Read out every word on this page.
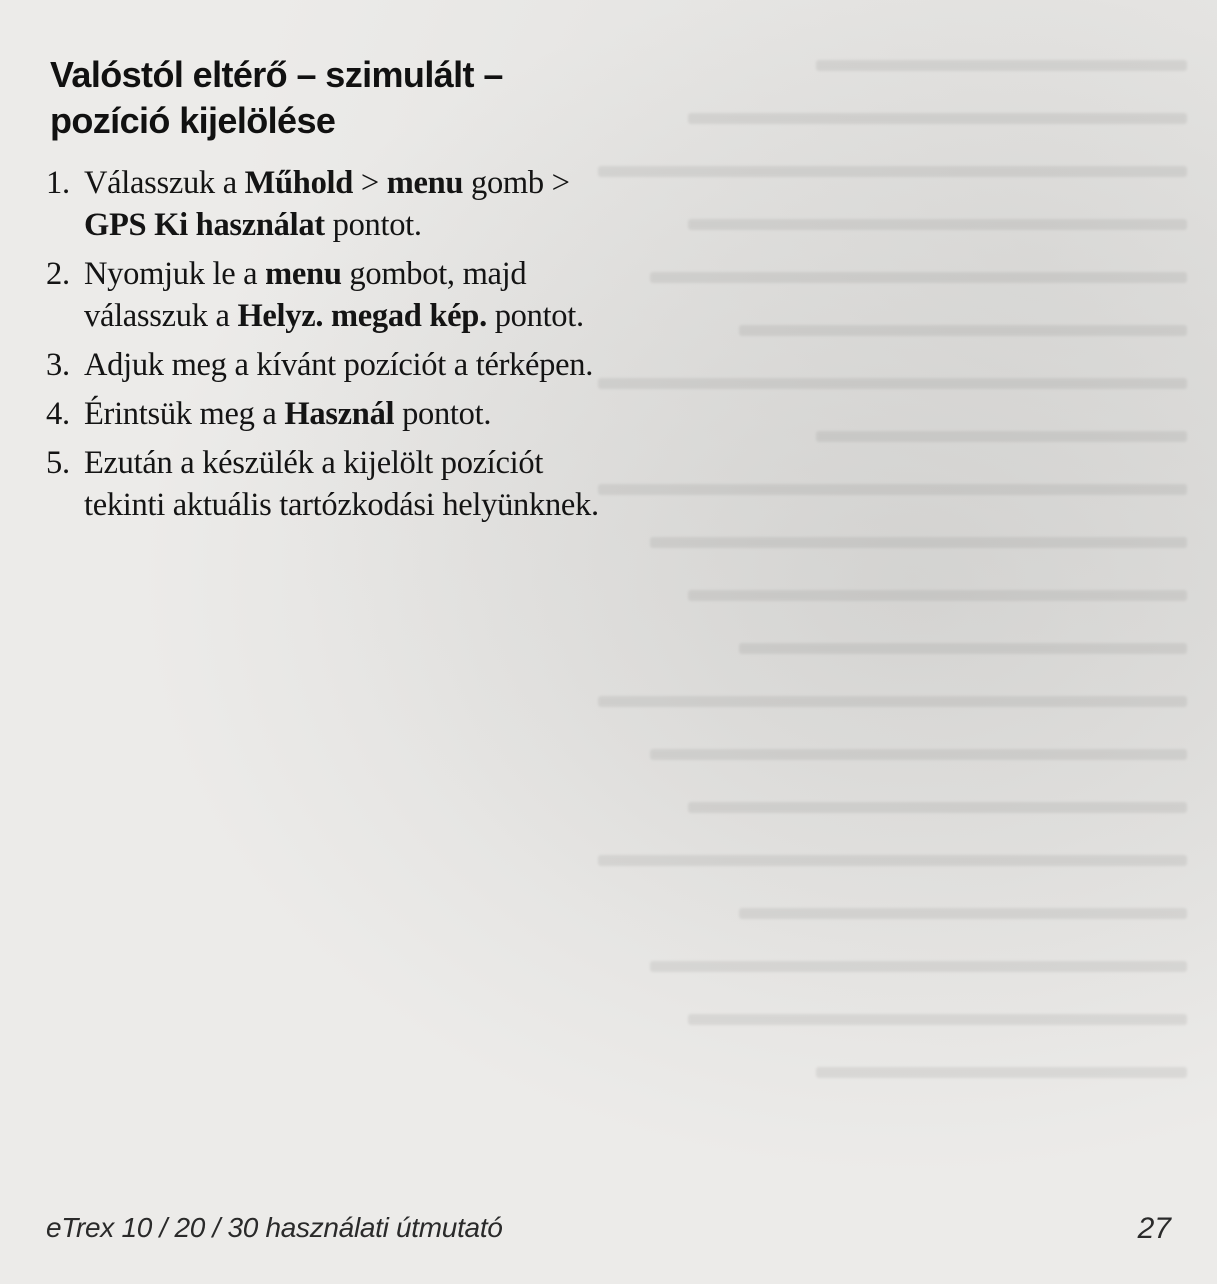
Valóstól eltérő – szimulált – pozíció kijelölése
1. Válasszuk a Műhold > menu gomb > GPS Ki használat pontot.
2. Nyomjuk le a menu gombot, majd válasszuk a Helyz. megad kép. pontot.
3. Adjuk meg a kívánt pozíciót a térképen.
4. Érintsük meg a Használ pontot.
5. Ezután a készülék a kijelölt pozíciót tekinti aktuális tartózkodási helyünknek.
eTrex 10 / 20 / 30 használati útmutató	27
